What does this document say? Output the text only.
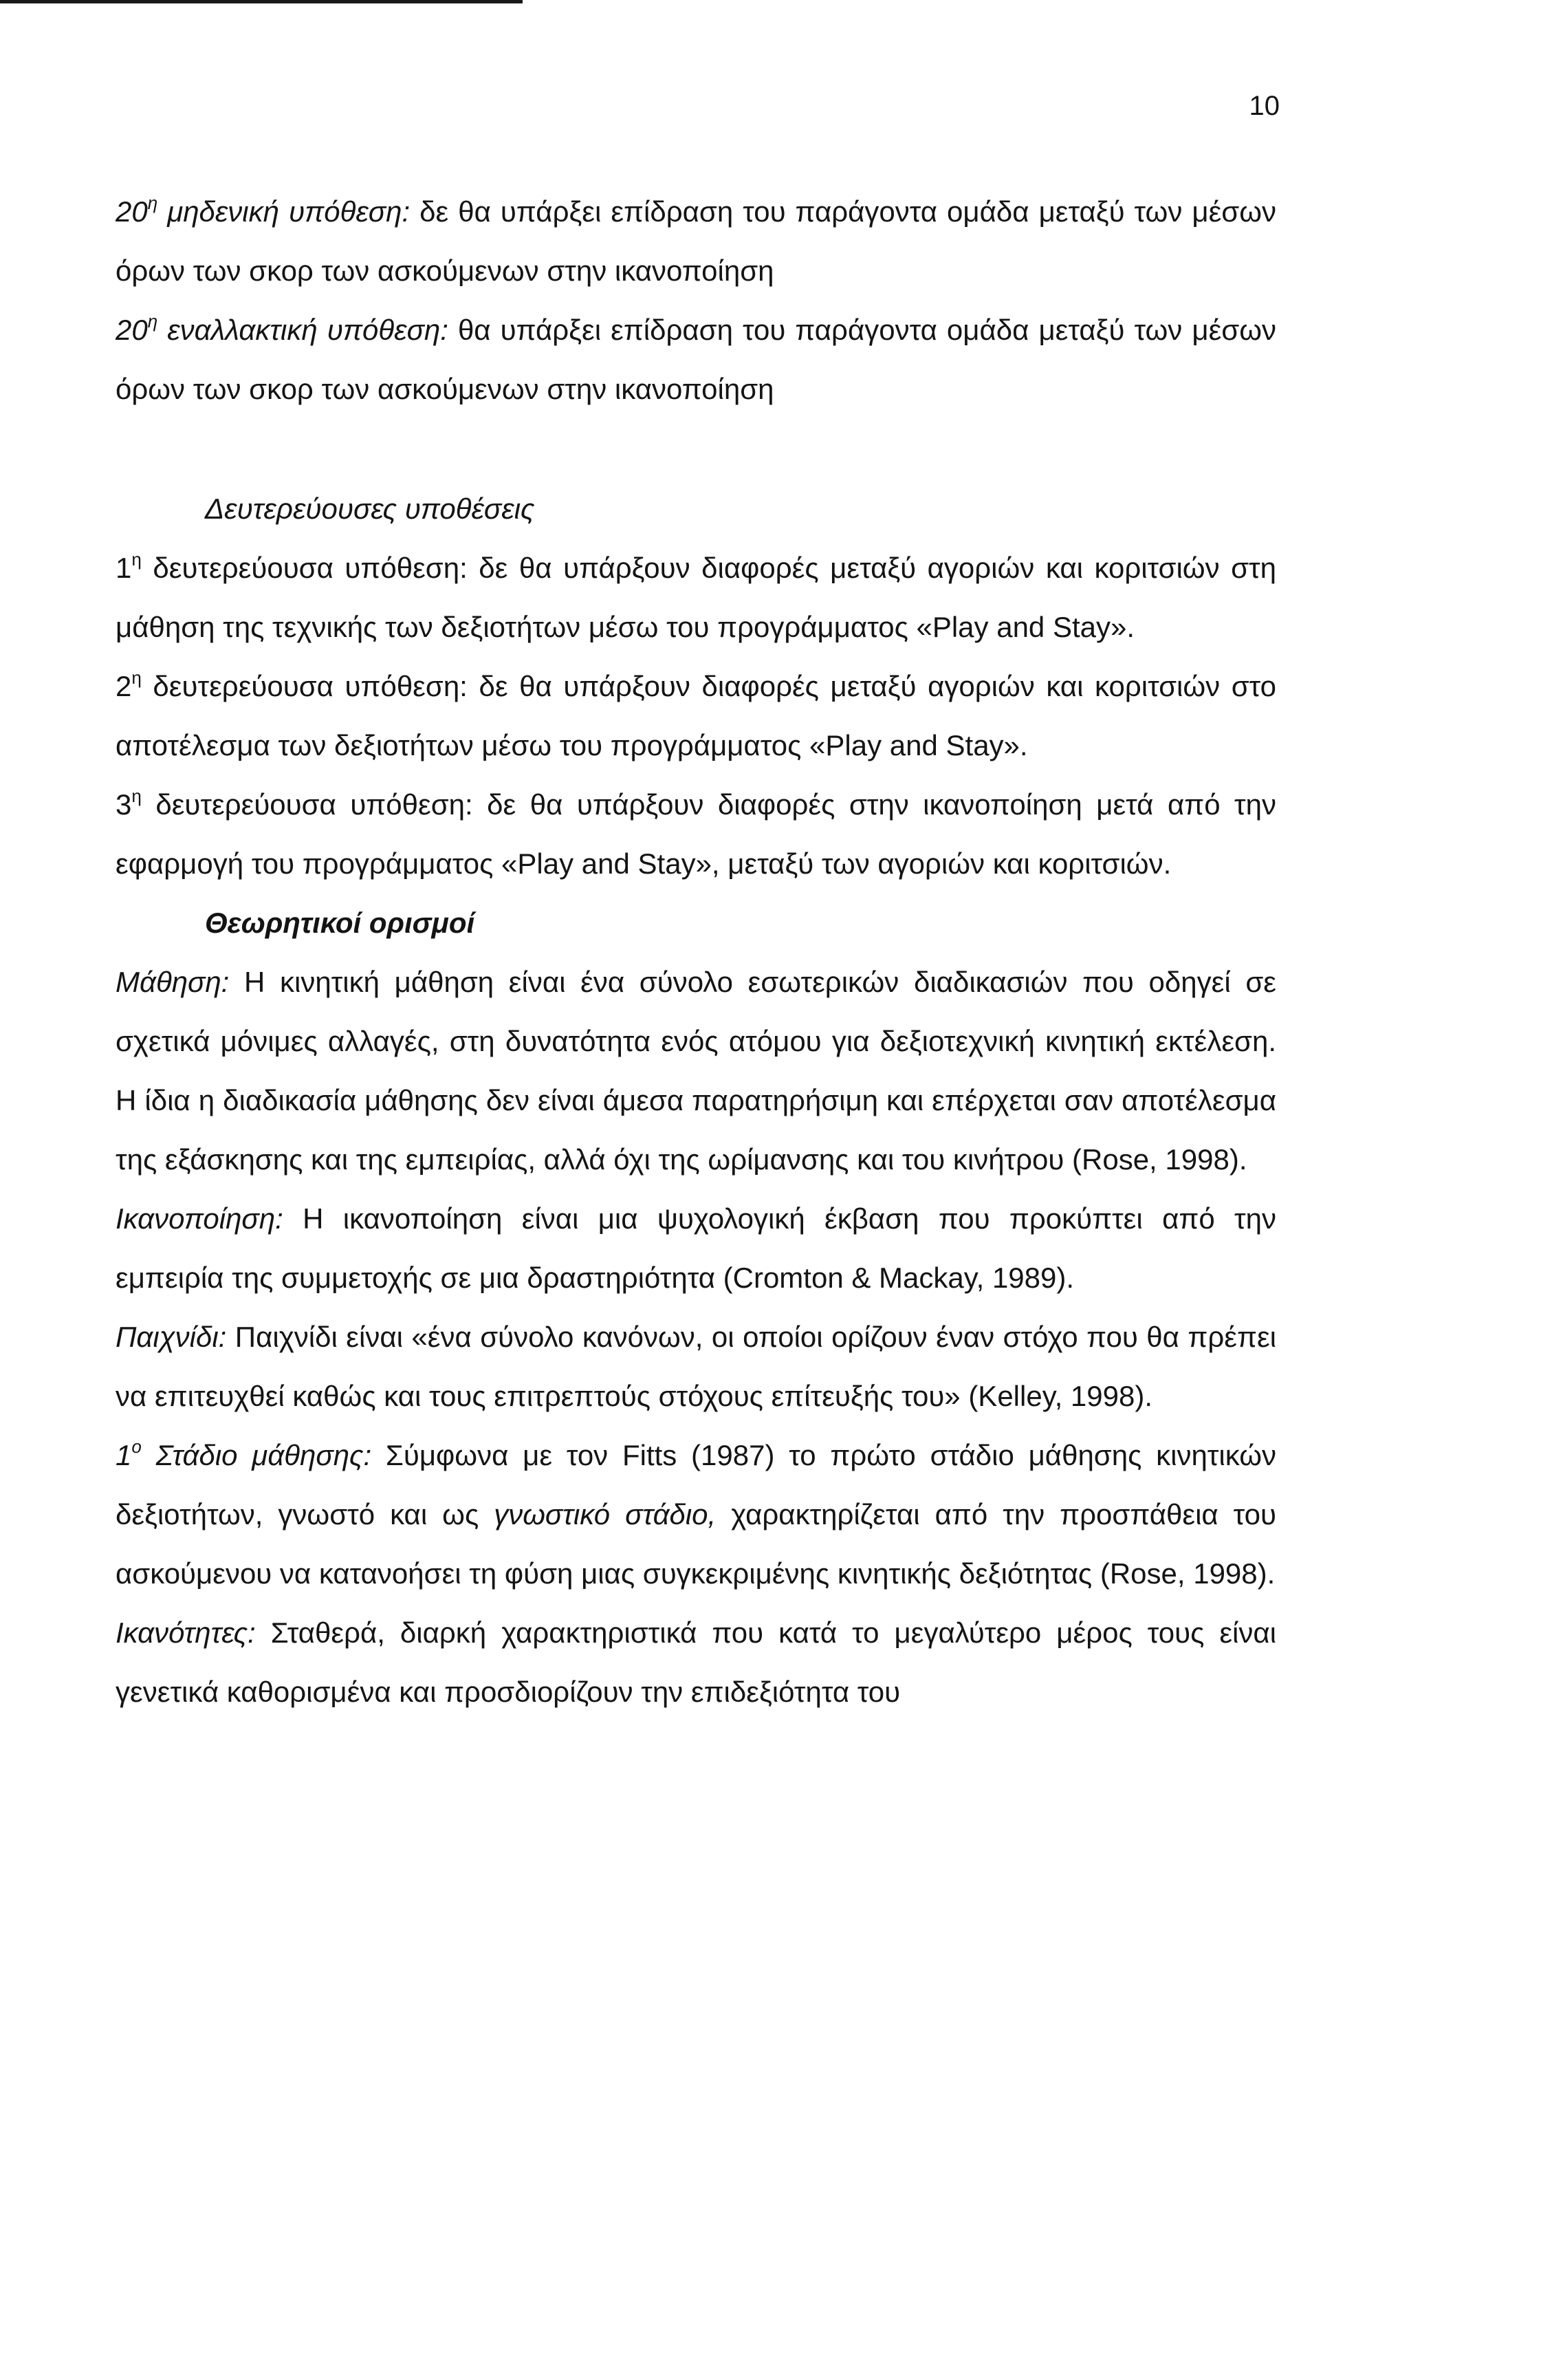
10

$20^\eta$ μηδενική υπόθεση: δε θα υπάρξει επίδραση του παράγοντα ομάδα μεταξύ των μέσων όρων των σκορ των ασκούμενων στην ικανοποίηση

$20^\eta$ εναλλακτική υπόθεση: θα υπάρξει επίδραση του παράγοντα ομάδα μεταξύ των μέσων όρων των σκορ των ασκούμενων στην ικανοποίηση

Δευτερεύουσες υποθέσεις

$1^\eta$ δευτερεύουσα υπόθεση: δε θα υπάρξουν διαφορές μεταξύ αγοριών και κοριτσιών στη μάθηση της τεχνικής των δεξιοτήτων μέσω του προγράμματος «Play and Stay».

$2^\eta$ δευτερεύουσα υπόθεση: δε θα υπάρξουν διαφορές μεταξύ αγοριών και κοριτσιών στο αποτέλεσμα των δεξιοτήτων μέσω του προγράμματος «Play and Stay».

$3^\eta$ δευτερεύουσα υπόθεση: δε θα υπάρξουν διαφορές στην ικανοποίηση μετά από την εφαρμογή του προγράμματος «Play and Stay», μεταξύ των αγοριών και κοριτσιών.

Θεωρητικοί ορισμοί

Μάθηση: Η κινητική μάθηση είναι ένα σύνολο εσωτερικών διαδικασιών που οδηγεί σε σχετικά μόνιμες αλλαγές, στη δυνατότητα ενός ατόμου για δεξιοτεχνική κινητική εκτέλεση. Η ίδια η διαδικασία μάθησης δεν είναι άμεσα παρατηρήσιμη και επέρχεται σαν αποτέλεσμα της εξάσκησης και της εμπειρίας, αλλά όχι της ωρίμανσης και του κινήτρου (Rose, 1998).

Ικανοποίηση: Η ικανοποίηση είναι μια ψυχολογική έκβαση που προκύπτει από την εμπειρία της συμμετοχής σε μια δραστηριότητα (Cromton & Mackay, 1989).

Παιχνίδι: Παιχνίδι είναι «ένα σύνολο κανόνων, οι οποίοι ορίζουν έναν στόχο που θα πρέπει να επιτευχθεί καθώς και τους επιτρεπτούς στόχους επίτευξής του» (Kelley, 1998).

$1^o$ Στάδιο μάθησης: Σύμφωνα με τον Fitts (1987) το πρώτο στάδιο μάθησης κινητικών δεξιοτήτων, γνωστό και ως γνωστικό στάδιο, χαρακτηρίζεται από την προσπάθεια του ασκούμενου να κατανοήσει τη φύση μιας συγκεκριμένης κινητικής δεξιότητας (Rose, 1998).

Ικανότητες: Σταθερά, διαρκή χαρακτηριστικά που κατά το μεγαλύτερο μέρος τους είναι γενετικά καθορισμένα και προσδιορίζουν την επιδεξιότητα του
